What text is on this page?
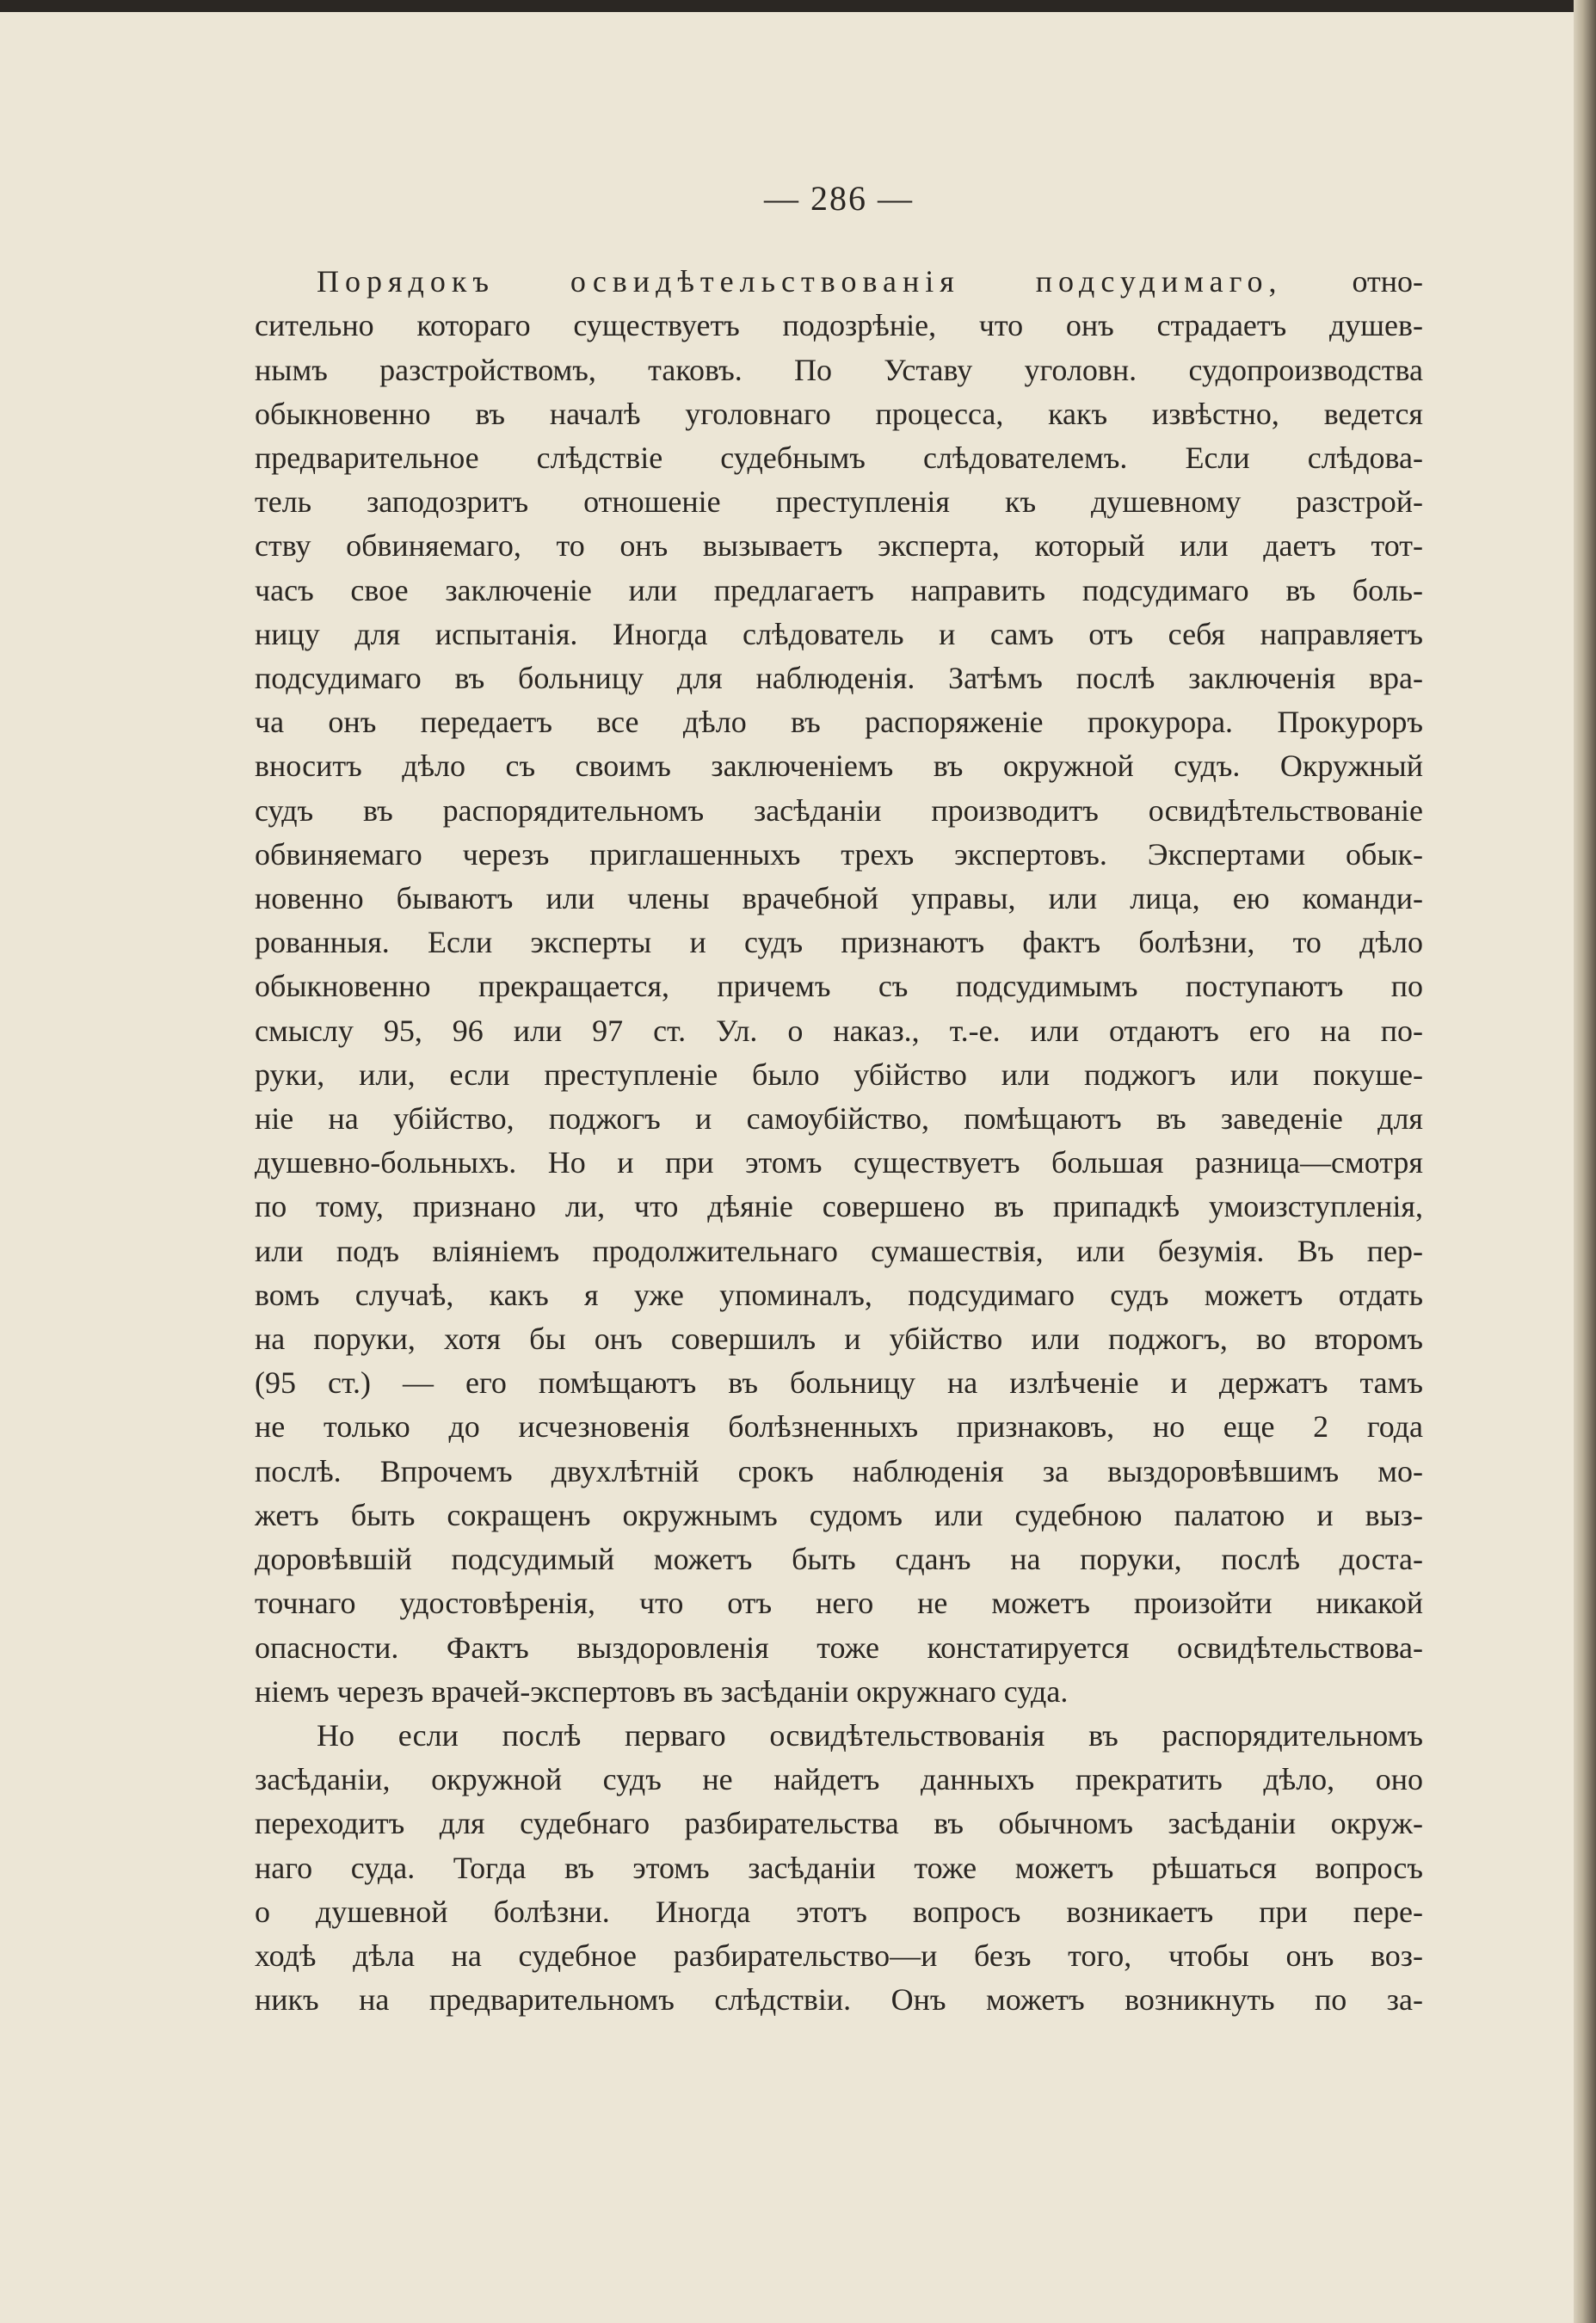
— 286 —
Порядокъ освидѣтельствованія подсудимаго, отно-
сительно котораго существуетъ подозрѣніе, что онъ страдаетъ душев-
нымъ разстройствомъ, таковъ. По Уставу уголовн. судопроизводства
обыкновенно въ началѣ уголовнаго процесса, какъ извѣстно, ведется
предварительное слѣдствіе судебнымъ слѣдователемъ. Если слѣдова-
тель заподозритъ отношеніе преступленія къ душевному разстрой-
ству обвиняемаго, то онъ вызываетъ эксперта, который или даетъ тот-
часъ свое заключеніе или предлагаетъ направить подсудимаго въ боль-
ницу для испытанія. Иногда слѣдователь и самъ отъ себя направляетъ
подсудимаго въ больницу для наблюденія. Затѣмъ послѣ заключенія вра-
ча онъ передаетъ все дѣло въ распоряженіе прокурора. Прокуроръ
вноситъ дѣло съ своимъ заключеніемъ въ окружной судъ. Окружный
судъ въ распорядительномъ засѣданіи производитъ освидѣтельствованіе
обвиняемаго черезъ приглашенныхъ трехъ экспертовъ. Экспертами обык-
новенно бываютъ или члены врачебной управы, или лица, ею команди-
рованныя. Если эксперты и судъ признаютъ фактъ болѣзни, то дѣло
обыкновенно прекращается, причемъ съ подсудимымъ поступаютъ по
смыслу 95, 96 или 97 ст. Ул. о наказ., т.-е. или отдаютъ его на по-
руки, или, если преступленіе было убійство или поджогъ или покуше-
ніе на убійство, поджогъ и самоубійство, помѣщаютъ въ заведеніе для
душевно-больныхъ. Но и при этомъ существуетъ большая разница—смотря
по тому, признано ли, что дѣяніе совершено въ припадкѣ умоизступленія,
или подъ вліяніемъ продолжительнаго сумашествія, или безумія. Въ пер-
вомъ случаѣ, какъ я уже упоминалъ, подсудимаго судъ можетъ отдать
на поруки, хотя бы онъ совершилъ и убійство или поджогъ, во второмъ
(95 ст.) — его помѣщаютъ въ больницу на излѣченіе и держатъ тамъ
не только до исчезновенія болѣзненныхъ признаковъ, но еще 2 года
послѣ. Впрочемъ двухлѣтній срокъ наблюденія за выздоровѣвшимъ мо-
жетъ быть сокращенъ окружнымъ судомъ или судебною палатою и выз-
доровѣвшій подсудимый можетъ быть сданъ на поруки, послѣ доста-
точнаго удостовѣренія, что отъ него не можетъ произойти никакой
опасности. Фактъ выздоровленія тоже констатируется освидѣтельствова-
ніемъ черезъ врачей-экспертовъ въ засѣданіи окружнаго суда.
Но если послѣ перваго освидѣтельствованія въ распорядительномъ
засѣданіи, окружной судъ не найдетъ данныхъ прекратить дѣло, оно
переходитъ для судебнаго разбирательства въ обычномъ засѣданіи окруж-
наго суда. Тогда въ этомъ засѣданіи тоже можетъ рѣшаться вопросъ
о душевной болѣзни. Иногда этотъ вопросъ возникаетъ при пере-
ходѣ дѣла на судебное разбирательство—и безъ того, чтобы онъ воз-
никъ на предварительномъ слѣдствіи. Онъ можетъ возникнуть по за-
